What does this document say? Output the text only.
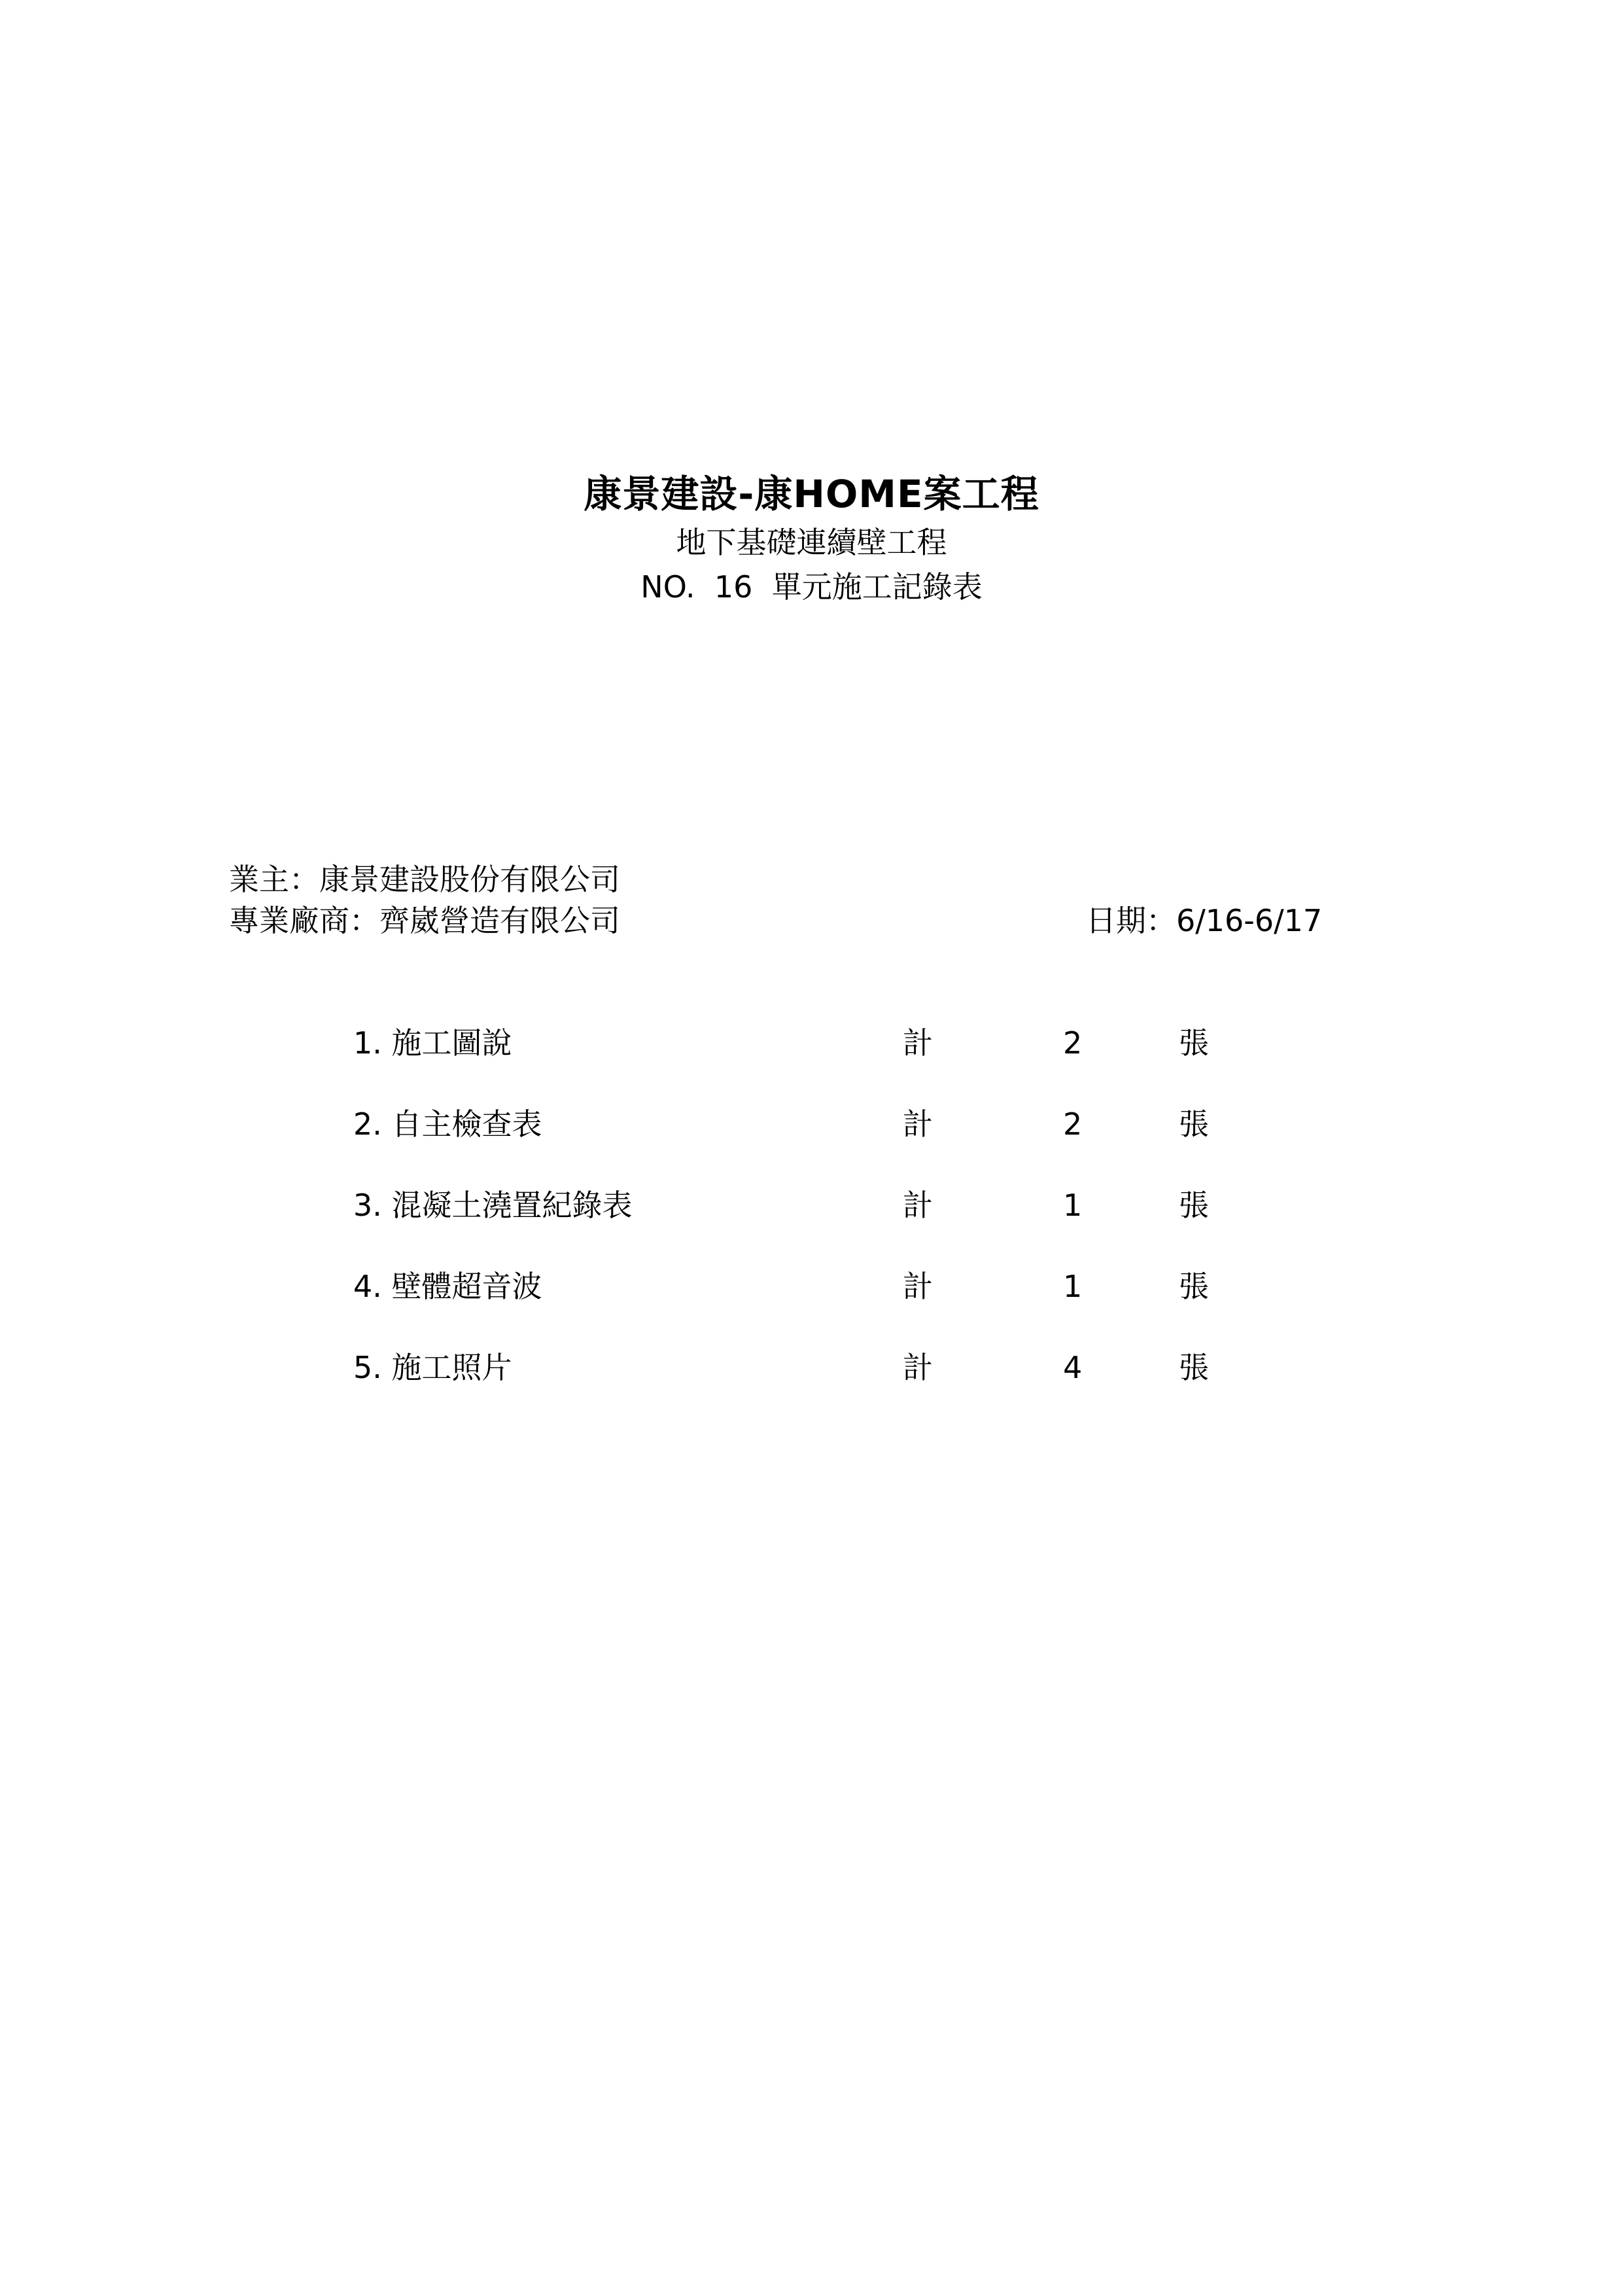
康景建設-康HOME案工程
地下基礎連續壁工程
NO.  16  單元施工記錄表
業主：康景建設股份有限公司
專業廠商：齊崴營造有限公司	日期：6/16-6/17
1. 施工圖說	計	2	張
2. 自主檢查表	計	2	張
3. 混凝土澆置紀錄表	計	1	張
4. 壁體超音波	計	1	張
5. 施工照片	計	4	張
